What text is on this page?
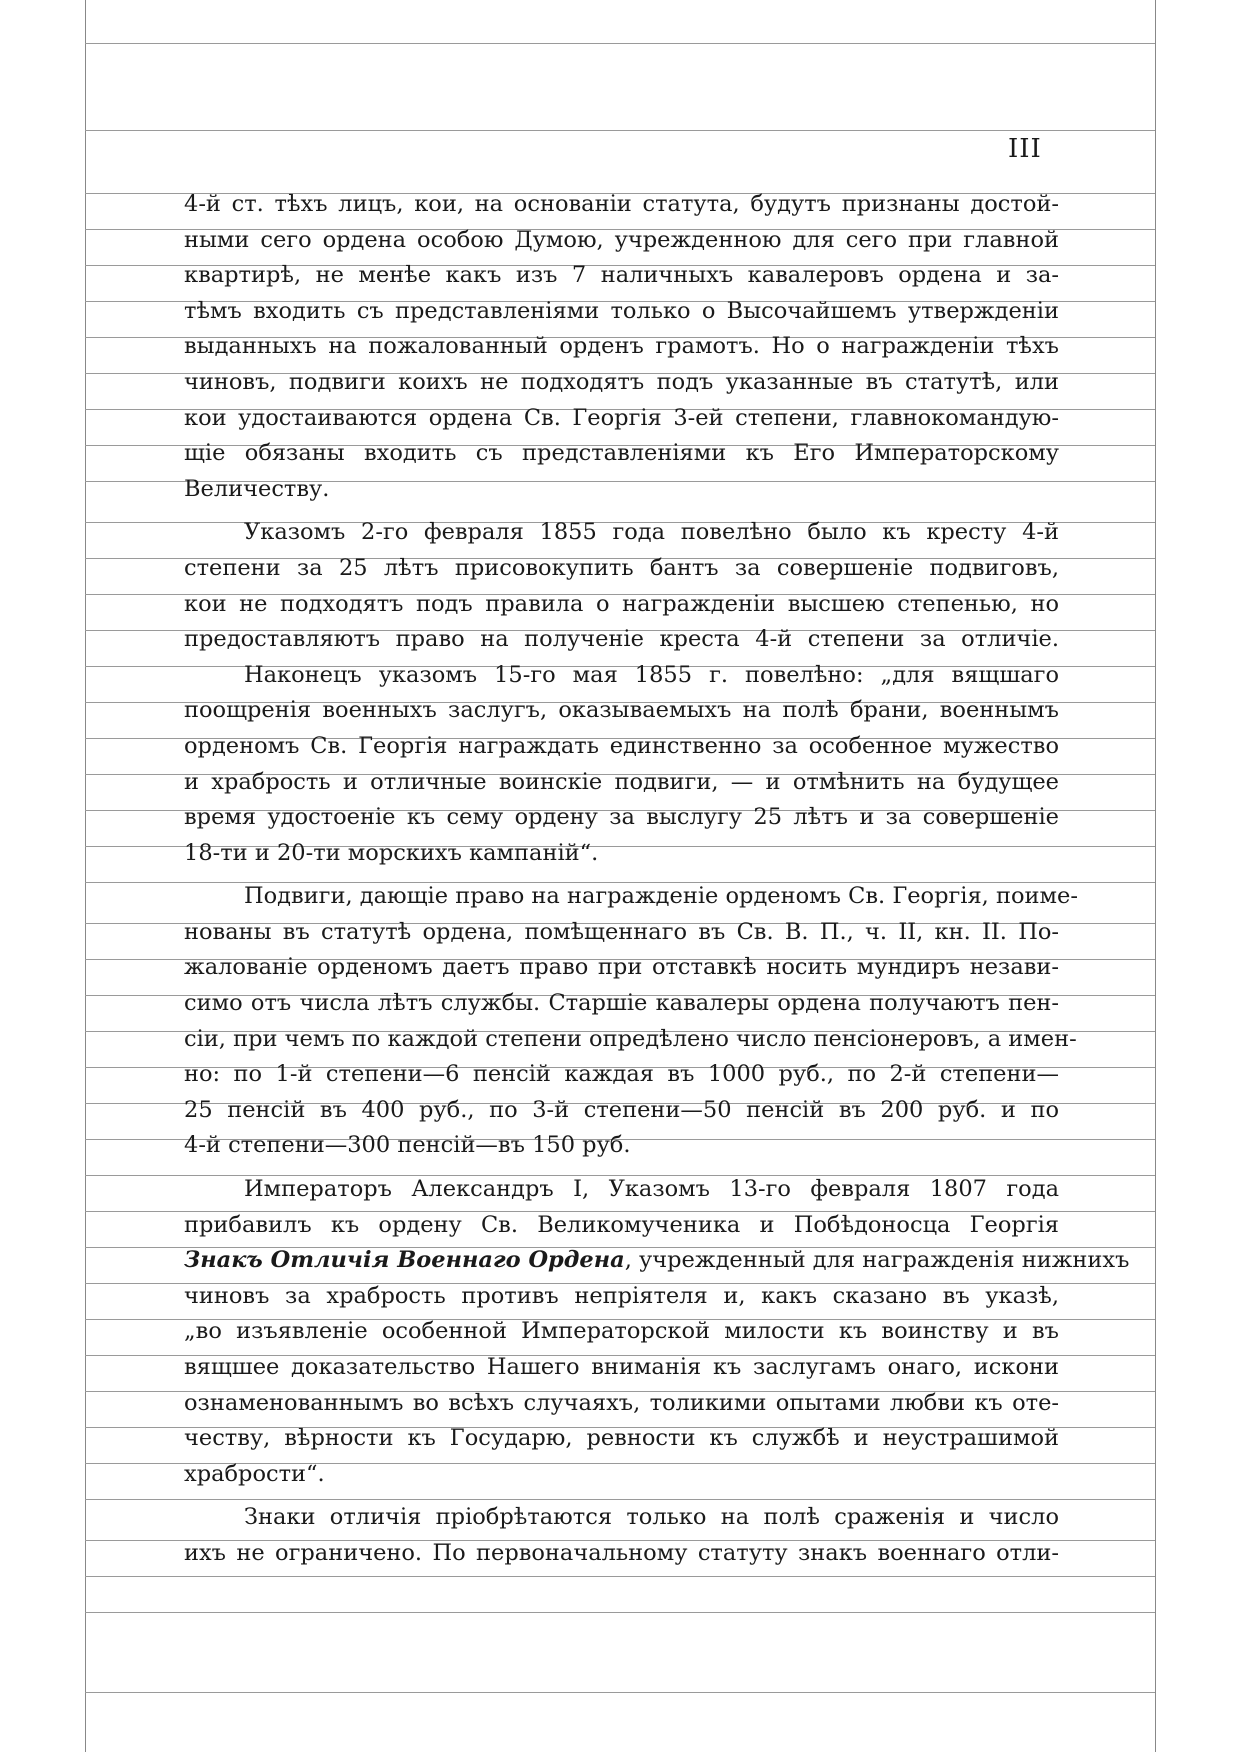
III
4-й ст. тѣхъ лицъ, кои, на основаніи статута, будутъ признаны достой-
ными сего ордена особою Думою, учрежденною для сего при главной
квартирѣ, не менѣе какъ изъ 7 наличныхъ кавалеровъ ордена и за-
тѣмъ входить съ представленіями только о Высочайшемъ утвержденіи
выданныхъ на пожалованный орденъ грамотъ. Но о награжденіи тѣхъ
чиновъ, подвиги коихъ не подходятъ подъ указанные въ статутѣ, или
кои удостаиваются ордена Св. Георгія 3-ей степени, главнокомандую-
щіе обязаны входить съ представленіями къ Его Императорскому
Величеству.
Указомъ 2-го февраля 1855 года повелѣно было къ кресту 4-й
степени за 25 лѣтъ присовокупить бантъ за совершеніе подвиговъ,
кои не подходятъ подъ правила о награжденіи высшею степенью, но
предоставляютъ право на полученіе креста 4-й степени за отличіе.
Наконецъ указомъ 15-го мая 1855 г. повелѣно: „для вящшаго
поощренія военныхъ заслугъ, оказываемыхъ на полѣ брани, военнымъ
орденомъ Св. Георгія награждать единственно за особенное мужество
и храбрость и отличные воинскіе подвиги, — и отмѣнить на будущее
время удостоеніе къ сему ордену за выслугу 25 лѣтъ и за совершеніе
18-ти и 20-ти морскихъ кампаній“.
Подвиги, дающіе право на награжденіе орденомъ Св. Георгія, поиме-
нованы въ статутѣ ордена, помѣщеннаго въ Св. В. П., ч. II, кн. II. По-
жалованіе орденомъ даетъ право при отставкѣ носить мундиръ незави-
симо отъ числа лѣтъ службы. Старшіе кавалеры ордена получаютъ пен-
сіи, при чемъ по каждой степени опредѣлено число пенсіонеровъ, а имен-
но: по 1-й степени—6 пенсій каждая въ 1000 руб., по 2-й степени—
25 пенсій въ 400 руб., по 3-й степени—50 пенсій въ 200 руб. и по
4-й степени—300 пенсій—въ 150 руб.
Императоръ Александръ I, Указомъ 13-го февраля 1807 года
прибавилъ къ ордену Св. Великомученика и Побѣдоносца Георгія
Знакъ Отличія Военнаго Ордена, учрежденный для награжденія нижнихъ
чиновъ за храбрость противъ непріятеля и, какъ сказано въ указѣ,
„во изъявленіе особенной Императорской милости къ воинству и въ
вящшее доказательство Нашего вниманія къ заслугамъ онаго, искони
ознаменованнымъ во всѣхъ случаяхъ, толикими опытами любви къ оте-
честву, вѣрности къ Государю, ревности къ службѣ и неустрашимой
храбрости“.
Знаки отличія пріобрѣтаются только на полѣ сраженія и число
ихъ не ограничено. По первоначальному статуту знакъ военнаго отли-
